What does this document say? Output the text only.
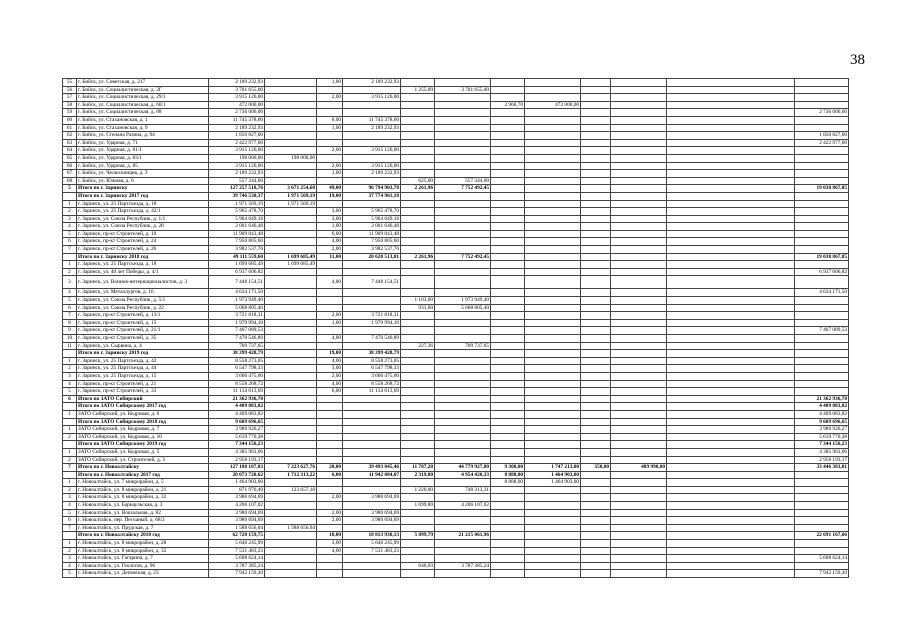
38
55	г. Бийск, ул. Советская, д. 217	2 189 232,93		1,00	2 189 232,93								
56	г. Бийск, ул. Социалистическая, д. 2Г	3 701 655,00				1 255,09	3 701 655,00						
57	г. Бийск, ул. Социалистическая, д. 29/1	3 915 126,00		2,00	3 915 126,00								
58	г. Бийск, ул. Социалистическая, д. 60/1	472 000,00						2 960,70	472 000,00				
59	г. Бийск, ул. Социалистическая, д. 88	2 736 006,00											2 736 006,00
60	г. Бийск, ул. Стахановская, д. 1	11 745 378,00		6,00	11 745 378,00								
61	г. Бийск, ул. Стахановская, д. 9	2 189 232,93		1,00	2 189 232,93								
62	г. Бийск, ул. Степана Разина, д. 94	1 850 827,00											1 850 827,00
63	г. Бийск, ул. Ударная, д. 71	2 422 977,00											2 422 977,00
64	г. Бийск, ул. Ударная, д. 81/1	3 915 126,00		2,00	3 915 126,00								
65	г. Бийск, ул. Ударная, д. 83/1	198 000,00	198 000,00										
66	г. Бийск, ул. Ударная, д. 85	3 915 126,00		2,00	3 915 126,00								
67	г. Бийск, ул. Челюскинцев, д. 3	2 189 232,93		1,00	2 189 232,93								
68	г. Бийск, ул. Южная, д. 6	557 344,00				625,00	557 344,00						
5	Итого по г. Заринску	127 257 518,76	3 671 254,68	49,00	96 794 903,78	2 261,96	7 752 492,45						19 038 867,85
	Итого по г. Заринску 2017 год	39 746 530,37	1 971 569,19	19,00	37 774 961,18								
1	г. Заринск, ул. 25 Партсъезда, д. 18	1 971 569,19	1 971 569,19										
2	г. Заринск, ул. 25 Партсъезда, д. 42/1	5 965 478,70		3,00	5 965 478,70								
3	г. Заринск, ул. Союза Республик, д. 1/1	5 964 649,16		3,00	5 964 649,16								
4	г. Заринск, ул. Союза Республик, д. 28	2 001 646,48		1,00	2 001 646,48								
5	г. Заринск, пр-кт Строителей, д. 10	11 909 843,48		6,00	11 909 843,48								
6	г. Заринск, пр-кт Строителей, д. 24	7 950 805,60		4,00	7 950 805,60								
7	г. Заринск, пр-кт Строителей, д. 26	3 982 537,76		2,00	3 982 537,76								
	Итого по г. Заринску 2018 год	49 111 559,60	1 699 685,49	11,00	20 620 513,81	2 261,96	7 752 492,45						19 038 867,85
1	г. Заринск, ул. 25 Партсъезда, д. 18	1 699 685,49	1 699 685,49										
2	г. Заринск, ул. 40 лет Победы, д. 4/1	6 937 606,82											6 937 606,82
3	г. Заринск, ул. Воинов-интернационалистов, д. 3	7 448 154,51		4,00	7 448 154,51								
4	г. Заринск, ул. Металлургов, д. 16	4 634 171,50											4 634 171,50
5	г. Заринск, ул. Союза Республик, д. 5/1	1 973 949,40				1 103,00	1 973 949,40						
6	г. Заринск, ул. Союза Республик, д. 22	5 068 805,40				931,60	5 068 805,40						
7	г. Заринск, пр-кт Строителей, д. 13/1	3 721 818,31		2,00	3 721 818,31								
8	г. Заринск, пр-кт Строителей, д. 15	1 979 994,10		1,00	1 979 994,10								
9	г. Заринск, пр-кт Строителей, д. 21/1	7 467 089,53											7 467 089,53
10	г. Заринск, пр-кт Строителей, д. 35	7 470 546,89		4,00	7 470 546,89								
11	г. Заринск, ул. Сырвина, д. 4	709 737,65				227,36	709 737,65						
	Итого по г. Заринску 2019 год	38 399 428,79		19,00	38 399 428,79								
1	г. Заринск, ул. 25 Партсъезда, д. 42	8 558 273,05		4,00	8 558 273,05								
2	г. Заринск, ул. 25 Партсъезда, д. 44	6 547 798,33		3,00	6 547 798,33								
3	г. Заринск, ул. 25 Партсъезда, д. 15	3 600 475,00		2,00	3 600 475,00								
4	г. Заринск, пр-кт Строителей, д. 21	8 558 268,72		4,00	8 558 268,72								
5	г. Заринск, пр-кт Строителей, д. 33	11 134 613,69		6,00	11 134 613,69								
6	Итого по ЗАТО Сибирский	21 362 936,70											21 362 936,70
	Итого по ЗАТО Сибирскому 2017 год	4 409 083,82											4 409 083,82
1	ЗАТО Сибирский, ул. Кедровая, д. 6	4 409 083,82											4 409 083,82
	Итого по ЗАТО Сибирскому 2018 год	9 609 696,65											9 609 696,65
1	ЗАТО Сибирский, ул. Кедровая, д. 7	3 989 926,27											3 989 926,27
2	ЗАТО Сибирский, ул. Кедровая, д. 10	5 619 770,38											5 619 770,38
	Итого по ЗАТО Сибирскому 2019 год	7 344 156,23											7 344 156,23
1	ЗАТО Сибирский, ул. Кедровая, д. 5	4 385 963,06											4 385 963,06
2	ЗАТО Сибирский, ул. Строителей, д. 3	2 958 193,17											2 958 193,17
7	Итого по г. Новоалтайску	127 180 187,83	7 223 627,76	20,00	39 493 045,46	11 787,28	44 779 927,80	9 308,00	1 747 213,00	350,00	489 990,00		33 446 383,81
	Итого по г. Новоалтайску 2017 год	20 073 720,62	1 712 313,22	6,00	11 942 084,07	2 319,80	4 954 420,33	8 888,00	1 464 903,00				
1	г. Новоалтайск, ул. 7 микрорайон, д. 5	1 464 903,00						8 888,00	1 464 903,00				
2	г. Новоалтайск, ул. 8 микрорайон, д. 21	871 970,49	123 657,18			1 220,00	748 313,31						
3	г. Новоалтайск, ул. 8 микрорайон, д. 32	3 980 694,69		2,00	3 980 694,69								
4	г. Новоалтайск, ул. Барнаульская, д. 3	4 206 107,02				1 099,80	4 206 107,02						
5	г. Новоалтайск, ул. Вокзальная, д. 82	3 980 694,69		2,00	3 980 694,69								
6	г. Новоалтайск, пер. Песчаный, д. 68/2	3 980 694,69		2,00	3 980 694,69								
7	г. Новоалтайск, ул. Прудская, д. 7	1 588 656,04	1 588 656,04										
	Итого по г. Новоалтайску 2018 год	62 720 159,75		10,00	18 813 930,13	5 099,79	21 215 061,96						22 691 167,66
1	г. Новоалтайск, ул. 8 микрорайон, д. 28	5 640 245,99		3,00	5 640 245,99								
2	г. Новоалтайск, ул. 8 микрорайон, д. 32	7 531 483,23		4,00	7 531 483,23								
3	г. Новоалтайск, ул. Гагарина, д. 7	5 608 624,14											5 608 624,14
4	г. Новоалтайск, ул. Геологов, д. 96	3 787 385,24				640,03	3 787 385,24						
5	г. Новоалтайск, ул. Деповская, д. 23	7 942 159,20											7 942 159,20
